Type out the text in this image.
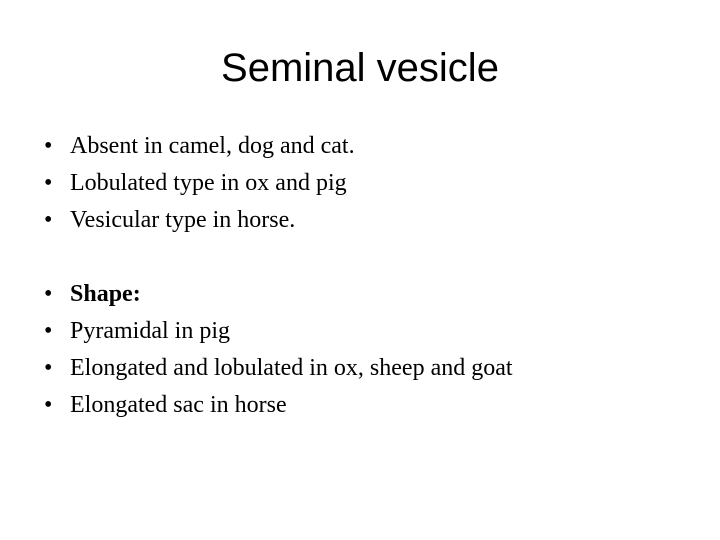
Seminal vesicle
• Absent in camel, dog and cat.
• Lobulated type in ox and pig
• Vesicular type in horse.
• Shape:
• Pyramidal in pig
• Elongated and lobulated in ox, sheep and goat
• Elongated sac in horse
